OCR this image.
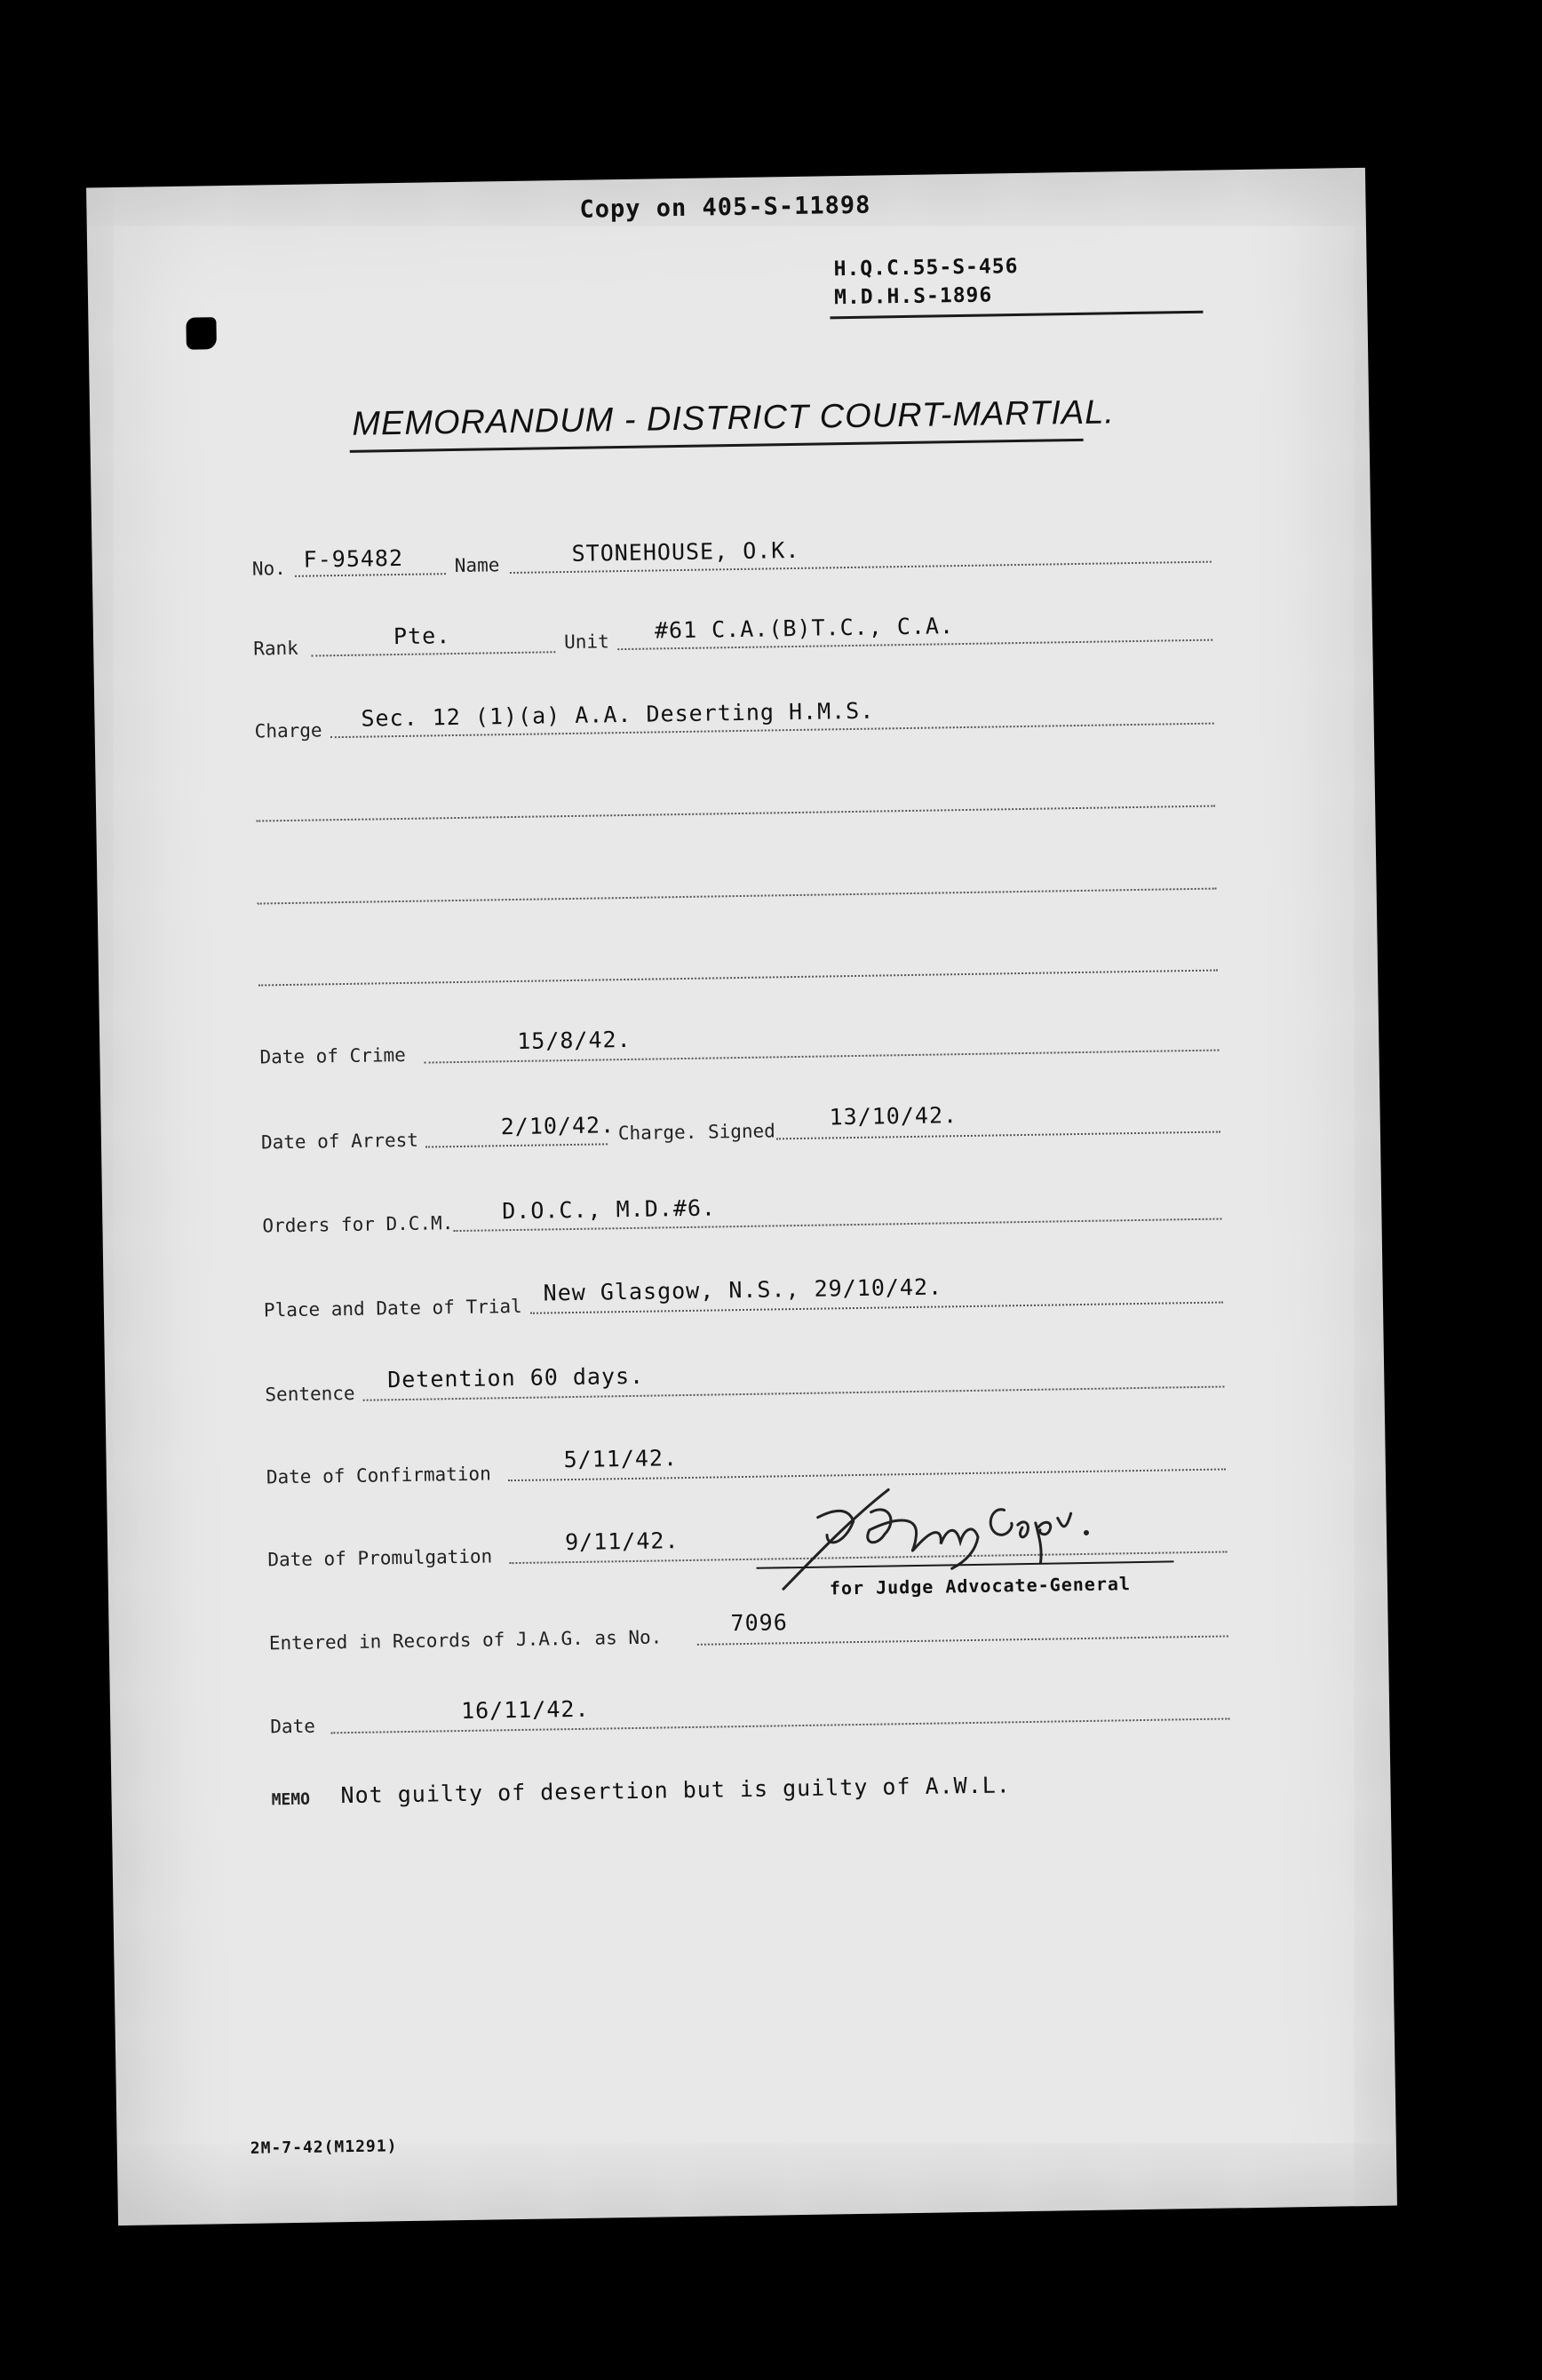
Copy on 405-S-11898
H.Q.C.55-S-456
M.D.H.S-1896
MEMORANDUM - DISTRICT COURT-MARTIAL.
No. F-95482	Name	STONEHOUSE, O.K.
Rank	Pte.	Unit #61 C.A.(B)T.C., C.A.
Charge Sec. 12 (1)(a) A.A. Deserting H.M.S.
Date of Crime
15/8/42.
Date of Arrest
2/10/42. Charge. Signed
13/10/42.
Orders for D.C.M.
D.O.C., M.D.#6.
Place and Date of Trial
New Glasgow, N.S., 29/10/42.
Sentence
Detention 60 days.
Date of Confirmation
5/11/42.
Date of Promulgation
9/11/42.
Entered in Records of J.A.G. as No.
7096
Date
16/11/42.
MEMO Not guilty of desertion but is guilty of A.W.L.
for Judge Advocate-General
2M-7-42(M1291)
